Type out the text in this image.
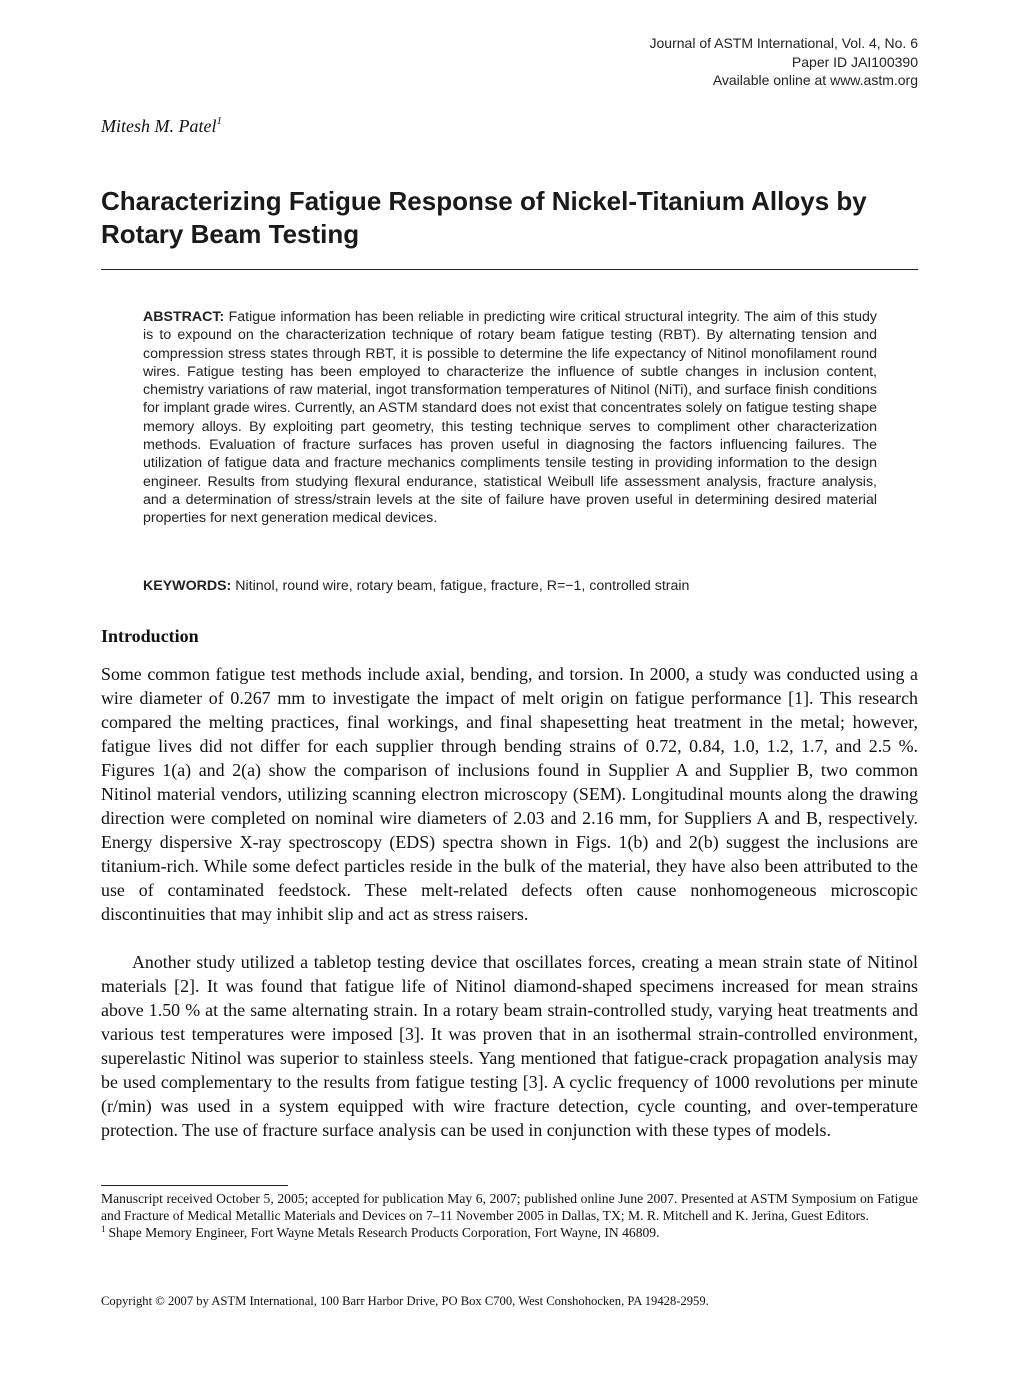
Journal of ASTM International, Vol. 4, No. 6
Paper ID JAI100390
Available online at www.astm.org
Mitesh M. Patel$^1$
Characterizing Fatigue Response of Nickel-Titanium Alloys by Rotary Beam Testing
ABSTRACT: Fatigue information has been reliable in predicting wire critical structural integrity. The aim of this study is to expound on the characterization technique of rotary beam fatigue testing (RBT). By alternating tension and compression stress states through RBT, it is possible to determine the life expectancy of Nitinol monofilament round wires. Fatigue testing has been employed to characterize the influence of subtle changes in inclusion content, chemistry variations of raw material, ingot transformation temperatures of Nitinol (NiTi), and surface finish conditions for implant grade wires. Currently, an ASTM standard does not exist that concentrates solely on fatigue testing shape memory alloys. By exploiting part geometry, this testing technique serves to compliment other characterization methods. Evaluation of fracture surfaces has proven useful in diagnosing the factors influencing failures. The utilization of fatigue data and fracture mechanics compliments tensile testing in providing information to the design engineer. Results from studying flexural endurance, statistical Weibull life assessment analysis, fracture analysis, and a determination of stress/strain levels at the site of failure have proven useful in determining desired material properties for next generation medical devices.
KEYWORDS: Nitinol, round wire, rotary beam, fatigue, fracture, R=−1, controlled strain
Introduction

Some common fatigue test methods include axial, bending, and torsion. In 2000, a study was conducted using a wire diameter of 0.267 mm to investigate the impact of melt origin on fatigue performance [1]. This research compared the melting practices, final workings, and final shapesetting heat treatment in the metal; however, fatigue lives did not differ for each supplier through bending strains of 0.72, 0.84, 1.0, 1.2, 1.7, and 2.5 %. Figures 1(a) and 2(a) show the comparison of inclusions found in Supplier A and Supplier B, two common Nitinol material vendors, utilizing scanning electron microscopy (SEM). Longitudinal mounts along the drawing direction were completed on nominal wire diameters of 2.03 and 2.16 mm, for Suppliers A and B, respectively. Energy dispersive X-ray spectroscopy (EDS) spectra shown in Figs. 1(b) and 2(b) suggest the inclusions are titanium-rich. While some defect particles reside in the bulk of the material, they have also been attributed to the use of contaminated feedstock. These melt-related defects often cause nonhomogeneous microscopic discontinuities that may inhibit slip and act as stress raisers.

Another study utilized a tabletop testing device that oscillates forces, creating a mean strain state of Nitinol materials [2]. It was found that fatigue life of Nitinol diamond-shaped specimens increased for mean strains above 1.50 % at the same alternating strain. In a rotary beam strain-controlled study, varying heat treatments and various test temperatures were imposed [3]. It was proven that in an isothermal strain-controlled environment, superelastic Nitinol was superior to stainless steels. Yang mentioned that fatigue-crack propagation analysis may be used complementary to the results from fatigue testing [3]. A cyclic frequency of 1000 revolutions per minute (r/min) was used in a system equipped with wire fracture detection, cycle counting, and over-temperature protection. The use of fracture surface analysis can be used in conjunction with these types of models.

Manuscript received October 5, 2005; accepted for publication May 6, 2007; published online June 2007. Presented at ASTM Symposium on Fatigue and Fracture of Medical Metallic Materials and Devices on 7–11 November 2005 in Dallas, TX; M. R. Mitchell and K. Jerina, Guest Editors.

$^1$ Shape Memory Engineer, Fort Wayne Metals Research Products Corporation, Fort Wayne, IN 46809.

Copyright © 2007 by ASTM International, 100 Barr Harbor Drive, PO Box C700, West Conshohocken, PA 19428-2959.
